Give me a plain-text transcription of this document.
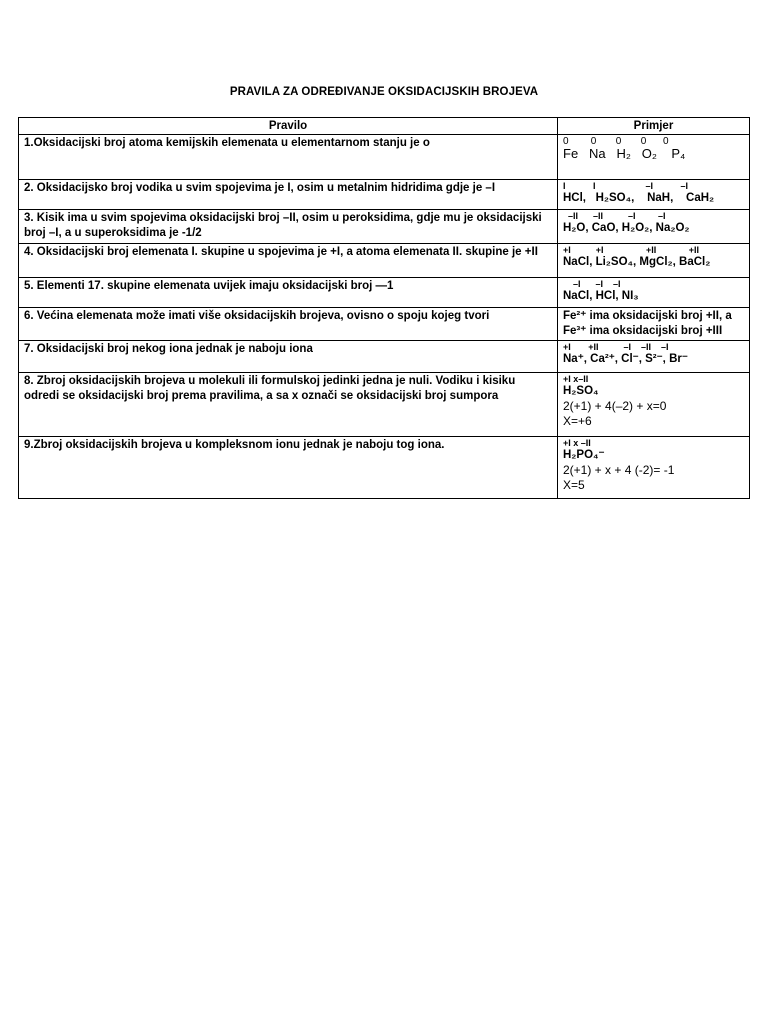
PRAVILA ZA ODREĐIVANJE OKSIDACIJSKIH BROJEVA
Pravilo	Primjer
1.Oksidacijski broj atoma kemijskih elemenata u elementarnom stanju je o	0        0       0       0      0
Fe   Na   H₂   O₂    P₄

2. Oksidacijsko broj vodika u svim spojevima je I, osim u metalnim hidridima gdje je –I	I           I                    –I           –I
HCl,   H₂SO₄,    NaH,    CaH₂

3. Kisik ima u svim spojevima oksidacijski broj –II, osim u peroksidima, gdje mu je oksidacijski broj –I, a u superoksidima je -1/2	–II      –II          –I         –I
H₂O, CaO, H₂O₂, Na₂O₂

4. Oksidacijski broj elemenata I. skupine u spojevima je +I, a atoma elemenata II. skupine je +II	+I          +I                 +II             +II
NaCl, Li₂SO₄, MgCl₂, BaCl₂

5. Elementi 17. skupine elemenata uvijek imaju oksidacijski broj —1	–I      –I    –I
NaCl, HCl, NI₃

6. Većina elemenata može imati više oksidacijskih brojeva, ovisno o spoju kojeg tvori	Fe²⁺ ima oksidacijski broj +II, a
Fe³⁺ ima oksidacijski broj +III

7. Oksidacijski broj nekog iona jednak je naboju iona	+I       +II          –I    –II    –I
Na⁺, Ca²⁺, Cl⁻, S²⁻, Br⁻

8. Zbroj oksidacijskih brojeva u molekuli ili formulskoj jedinki jedna je nuli. Vodiku i kisiku odredi se oksidacijski broj prema pravilima, a sa x označi se oksidacijski broj sumpora	+I x–II
H₂SO₄
2(+1) + 4(–2) + x=0
X=+6

9.Zbroj oksidacijskih brojeva u kompleksnom ionu jednak je naboju tog iona.	+I x –II
H₂PO₄⁻
2(+1) + x + 4 (-2)= -1
X=5
